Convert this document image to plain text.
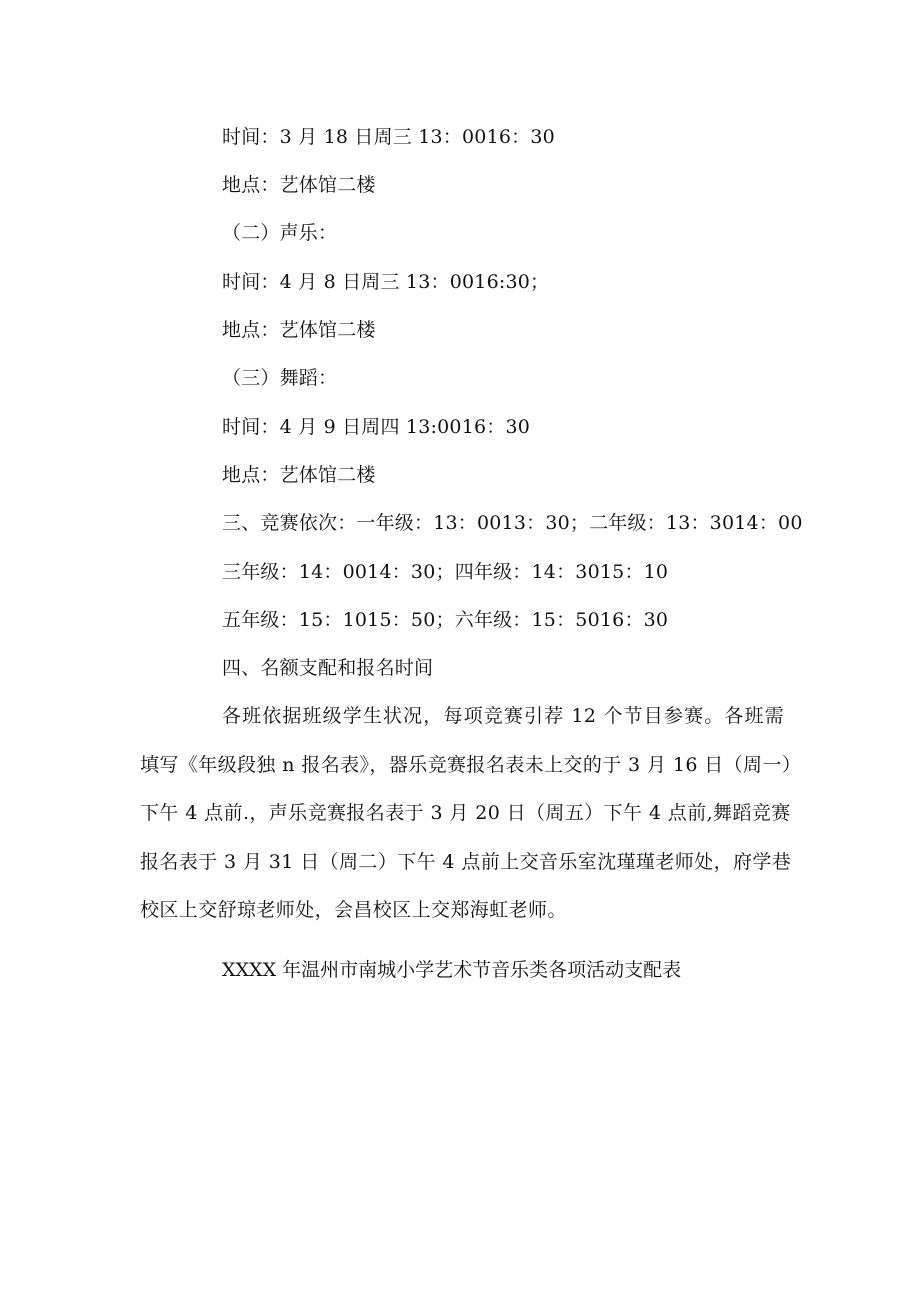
时间：3 月 18 日周三 13：0016：30
地点：艺体馆二楼
（二）声乐：
时间：4 月 8 日周三 13：0016:30；
地点：艺体馆二楼
（三）舞蹈：
时间：4 月 9 日周四 13:0016：30
地点：艺体馆二楼
三、竞赛依次：一年级：13：0013：30；二年级：13：3014：00
三年级：14：0014：30；四年级：14：3015：10
五年级：15：1015：50；六年级：15：5016：30
四、名额支配和报名时间
各班依据班级学生状况，每项竞赛引荐 12 个节目参赛。各班需
填写《年级段独 n 报名表》，器乐竞赛报名表未上交的于 3 月 16 日（周一）
下午 4 点前.，声乐竞赛报名表于 3 月 20 日（周五）下午 4 点前,舞蹈竞赛
报名表于 3 月 31 日（周二）下午 4 点前上交音乐室沈瑾瑾老师处，府学巷
校区上交舒琼老师处，会昌校区上交郑海虹老师。
XXXX 年温州市南城小学艺术节音乐类各项活动支配表
